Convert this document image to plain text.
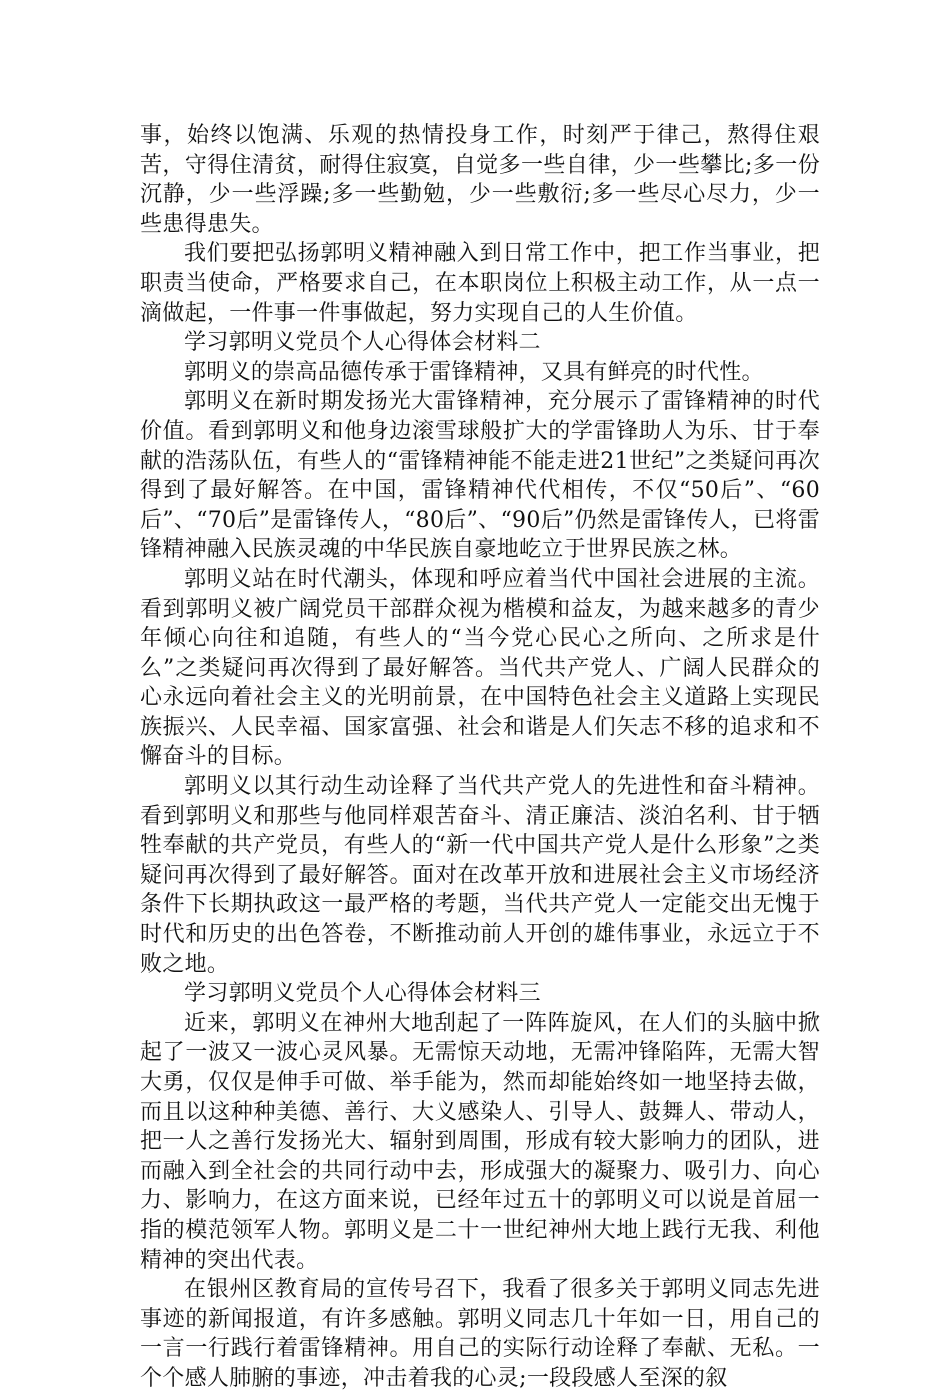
事，始终以饱满、乐观的热情投身工作，时刻严于律己，熬得住艰苦，守得住清贫，耐得住寂寞，自觉多一些自律，少一些攀比;多一份沉静，少一些浮躁;多一些勤勉，少一些敷衍;多一些尽心尽力，少一些患得患失。

我们要把弘扬郭明义精神融入到日常工作中，把工作当事业，把职责当使命，严格要求自己，在本职岗位上积极主动工作，从一点一滴做起，一件事一件事做起，努力实现自己的人生价值。

学习郭明义党员个人心得体会材料二

郭明义的崇高品德传承于雷锋精神，又具有鲜亮的时代性。

郭明义在新时期发扬光大雷锋精神，充分展示了雷锋精神的时代价值。看到郭明义和他身边滚雪球般扩大的学雷锋助人为乐、甘于奉献的浩荡队伍，有些人的“雷锋精神能不能走进21世纪”之类疑问再次得到了最好解答。在中国，雷锋精神代代相传，不仅“50后”、“60后”、“70后”是雷锋传人，“80后”、“90后”仍然是雷锋传人，已将雷锋精神融入民族灵魂的中华民族自豪地屹立于世界民族之林。

郭明义站在时代潮头，体现和呼应着当代中国社会进展的主流。看到郭明义被广阔党员干部群众视为楷模和益友，为越来越多的青少年倾心向往和追随，有些人的“当今党心民心之所向、之所求是什么”之类疑问再次得到了最好解答。当代共产党人、广阔人民群众的心永远向着社会主义的光明前景，在中国特色社会主义道路上实现民族振兴、人民幸福、国家富强、社会和谐是人们矢志不移的追求和不懈奋斗的目标。

郭明义以其行动生动诠释了当代共产党人的先进性和奋斗精神。看到郭明义和那些与他同样艰苦奋斗、清正廉洁、淡泊名利、甘于牺牲奉献的共产党员，有些人的“新一代中国共产党人是什么形象”之类疑问再次得到了最好解答。面对在改革开放和进展社会主义市场经济条件下长期执政这一最严格的考题，当代共产党人一定能交出无愧于时代和历史的出色答卷，不断推动前人开创的雄伟事业，永远立于不败之地。

学习郭明义党员个人心得体会材料三

近来，郭明义在神州大地刮起了一阵阵旋风，在人们的头脑中掀起了一波又一波心灵风暴。无需惊天动地，无需冲锋陷阵，无需大智大勇，仅仅是伸手可做、举手能为，然而却能始终如一地坚持去做，而且以这种种美德、善行、大义感染人、引导人、鼓舞人、带动人，把一人之善行发扬光大、辐射到周围，形成有较大影响力的团队，进而融入到全社会的共同行动中去，形成强大的凝聚力、吸引力、向心力、影响力，在这方面来说，已经年过五十的郭明义可以说是首屈一指的模范领军人物。郭明义是二十一世纪神州大地上践行无我、利他精神的突出代表。

在银州区教育局的宣传号召下，我看了很多关于郭明义同志先进事迹的新闻报道，有许多感触。郭明义同志几十年如一日，用自己的一言一行践行着雷锋精神。用自己的实际行动诠释了奉献、无私。一个个感人肺腑的事迹，冲击着我的心灵;一段段感人至深的叙
